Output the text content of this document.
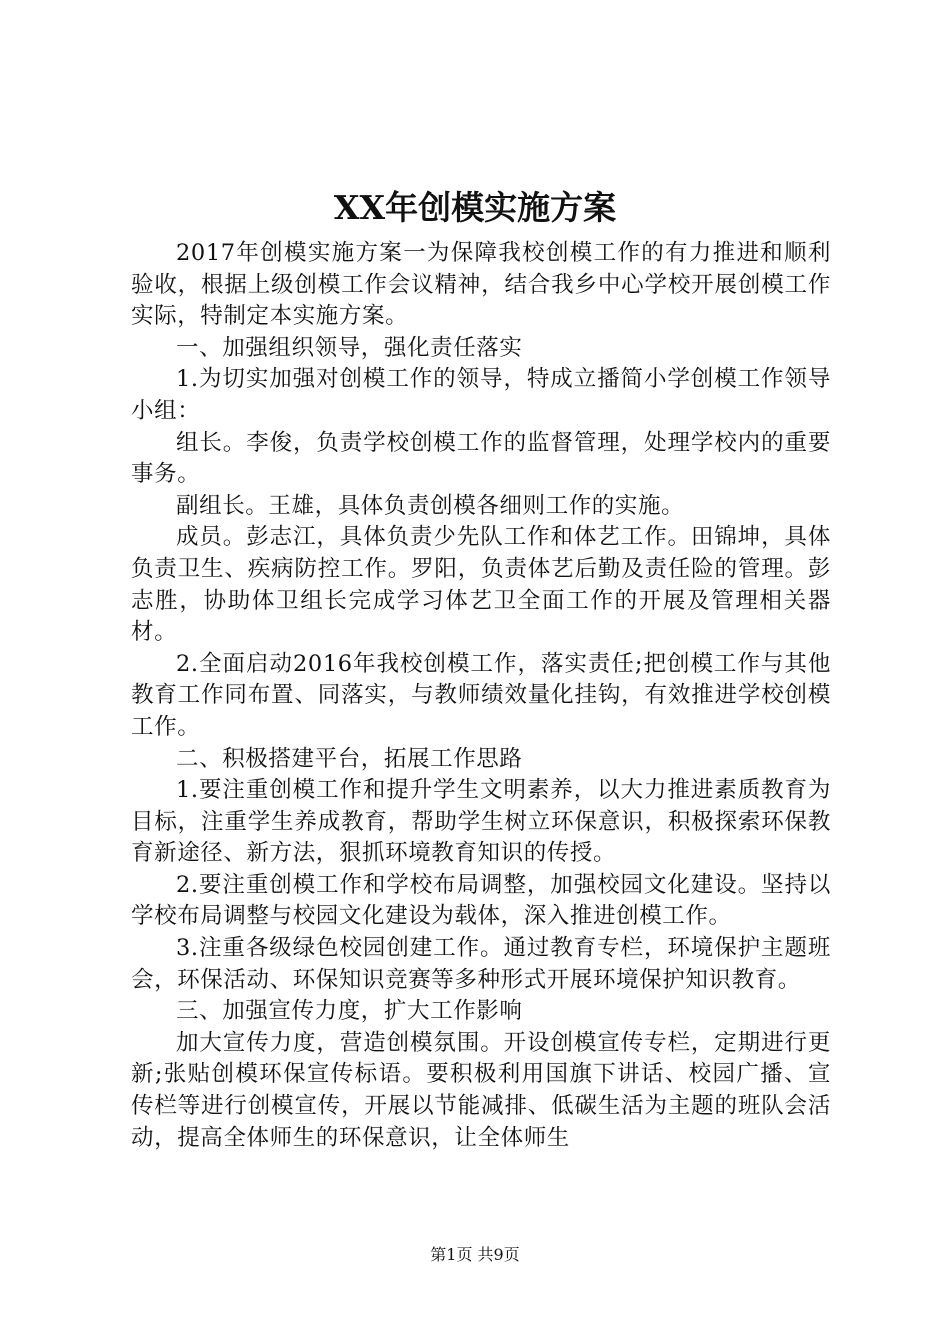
XX年创模实施方案

2017年创模实施方案一为保障我校创模工作的有力推进和顺利验收，根据上级创模工作会议精神，结合我乡中心学校开展创模工作实际，特制定本实施方案。

一、加强组织领导，强化责任落实

1.为切实加强对创模工作的领导，特成立播简小学创模工作领导小组：

组长。李俊，负责学校创模工作的监督管理，处理学校内的重要事务。

副组长。王雄，具体负责创模各细则工作的实施。

成员。彭志江，具体负责少先队工作和体艺工作。田锦坤，具体负责卫生、疾病防控工作。罗阳，负责体艺后勤及责任险的管理。彭志胜，协助体卫组长完成学习体艺卫全面工作的开展及管理相关器材。

2.全面启动2016年我校创模工作，落实责任;把创模工作与其他教育工作同布置、同落实，与教师绩效量化挂钩，有效推进学校创模工作。

二、积极搭建平台，拓展工作思路

1.要注重创模工作和提升学生文明素养，以大力推进素质教育为目标，注重学生养成教育，帮助学生树立环保意识，积极探索环保教育新途径、新方法，狠抓环境教育知识的传授。

2.要注重创模工作和学校布局调整，加强校园文化建设。坚持以学校布局调整与校园文化建设为载体，深入推进创模工作。

3.注重各级绿色校园创建工作。通过教育专栏，环境保护主题班会，环保活动、环保知识竞赛等多种形式开展环境保护知识教育。

三、加强宣传力度，扩大工作影响

加大宣传力度，营造创模氛围。开设创模宣传专栏，定期进行更新;张贴创模环保宣传标语。要积极利用国旗下讲话、校园广播、宣传栏等进行创模宣传，开展以节能减排、低碳生活为主题的班队会活动，提高全体师生的环保意识，让全体师生

第1页 共9页
